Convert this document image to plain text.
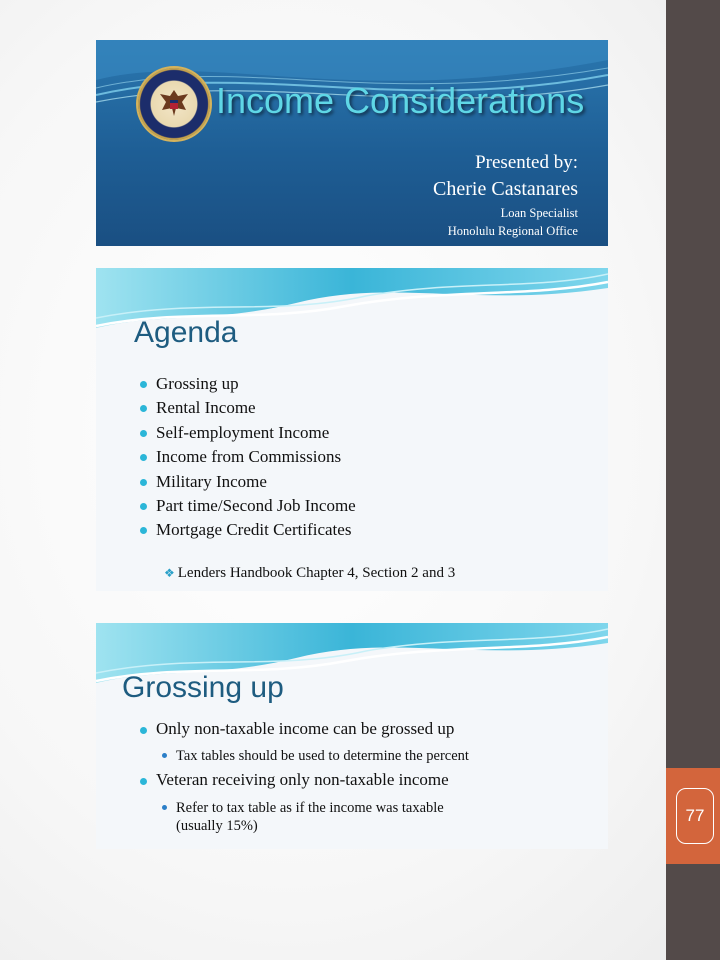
77
Income Considerations
Presented by:
Cherie Castanares
Loan Specialist
Honolulu Regional Office
Agenda
Grossing up
Rental Income
Self-employment Income
Income from Commissions
Military Income
Part time/Second Job Income
Mortgage Credit Certificates
❖ Lenders Handbook Chapter 4, Section 2 and 3
Grossing up
Only non-taxable income can be grossed up
Tax tables should be used to determine the percent
Veteran receiving only non-taxable income
Refer to tax table as if the income was taxable
(usually 15%)
